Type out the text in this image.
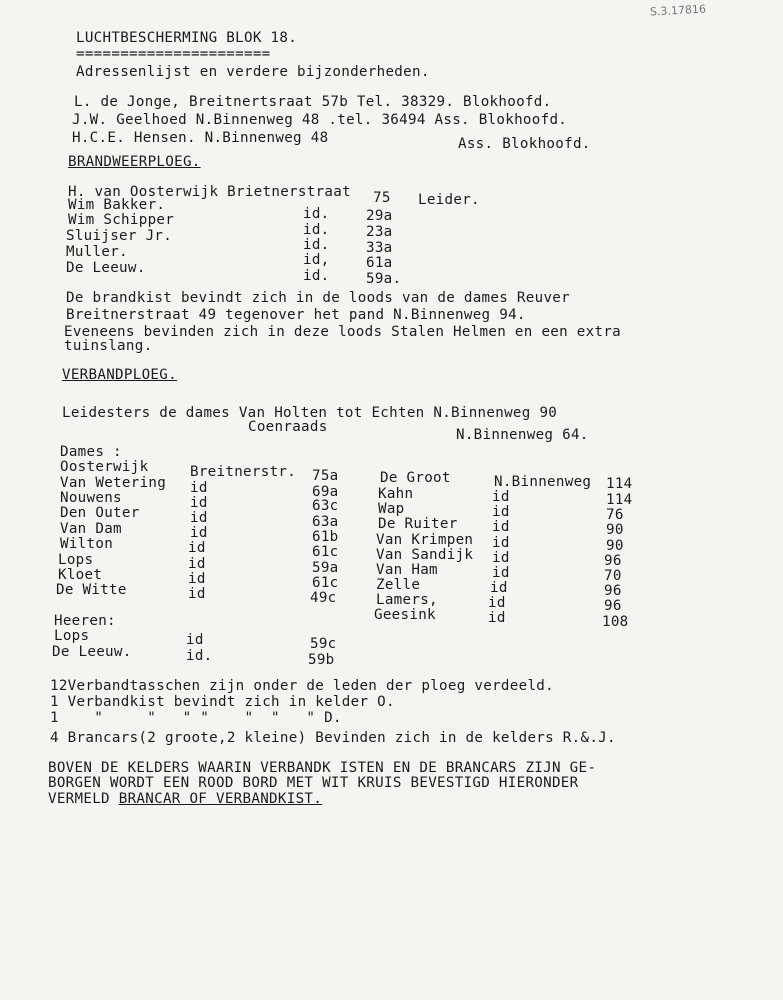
S.3.17816
LUCHTBESCHERMING BLOK 18.
======================
Adressenlijst en verdere bijzonderheden.
L. de Jonge, Breitnertsraat 57b Tel. 38329. Blokhoofd.
J.W. Geelhoed N.Binnenweg 48 .tel. 36494 Ass. Blokhoofd.
H.C.E. Hensen. N.Binnenweg 48	Ass. Blokhoofd.
BRANDWEERPLOEG.
H. van Oosterwijk Brietnerstraat 75 Leider.
Wim Bakker.
Wim Schipper	id.	29a
Sluijser Jr.	id.	23a
Muller.	id.	33a
De Leeuw.	id,	61a
id.	59a.
De brandkist bevindt zich in de loods van de dames Reuver
Breitnerstraat 49 tegenover het pand N.Binnenweg 94.
Eveneens bevinden zich in deze loods Stalen Helmen en een extra
tuinslang.
VERBANDPLOEG.
Leidesters de dames Van Holten tot Echten N.Binnenweg 90
Coenraads	N.Binnenweg 64.
Dames :
Oosterwijk	Breitnerstr. 75a
Van Wetering id	69a
Nouwens	id	63c
Den Outer	id	63a
Van Dam	id	61b
Wilton	id	61c
Lops	id	59a
Kloet	id	61c
De Witte	id	49c
De Groot	N.Binnenweg 114
Kahn	id	114
Wap	id	76
De Ruiter id	90
Van Krimpen id	90
Van Sandijk id	96
Van Ham	id	70
Zelle	id	96
Lamers,	id	96
Geesink	id	108
Heeren:
Lops	id	59c
De Leeuw.	id.	59b
12Verbandtasschen zijn onder de leden der ploeg verdeeld.
1 Verbandkist bevindt zich in kelder O.
1    "     "   " "    "  "   " D.
4 Brancars(2 groote,2 kleine) Bevinden zich in de kelders R.&.J.
BOVEN DE KELDERS WAARIN VERBANDK ISTEN EN DE BRANCARS ZIJN GE-
BORGEN WORDT EEN ROOD BORD MET WIT KRUIS BEVESTIGD HIERONDER
VERMELD BRANCAR OF VERBANDKIST.
